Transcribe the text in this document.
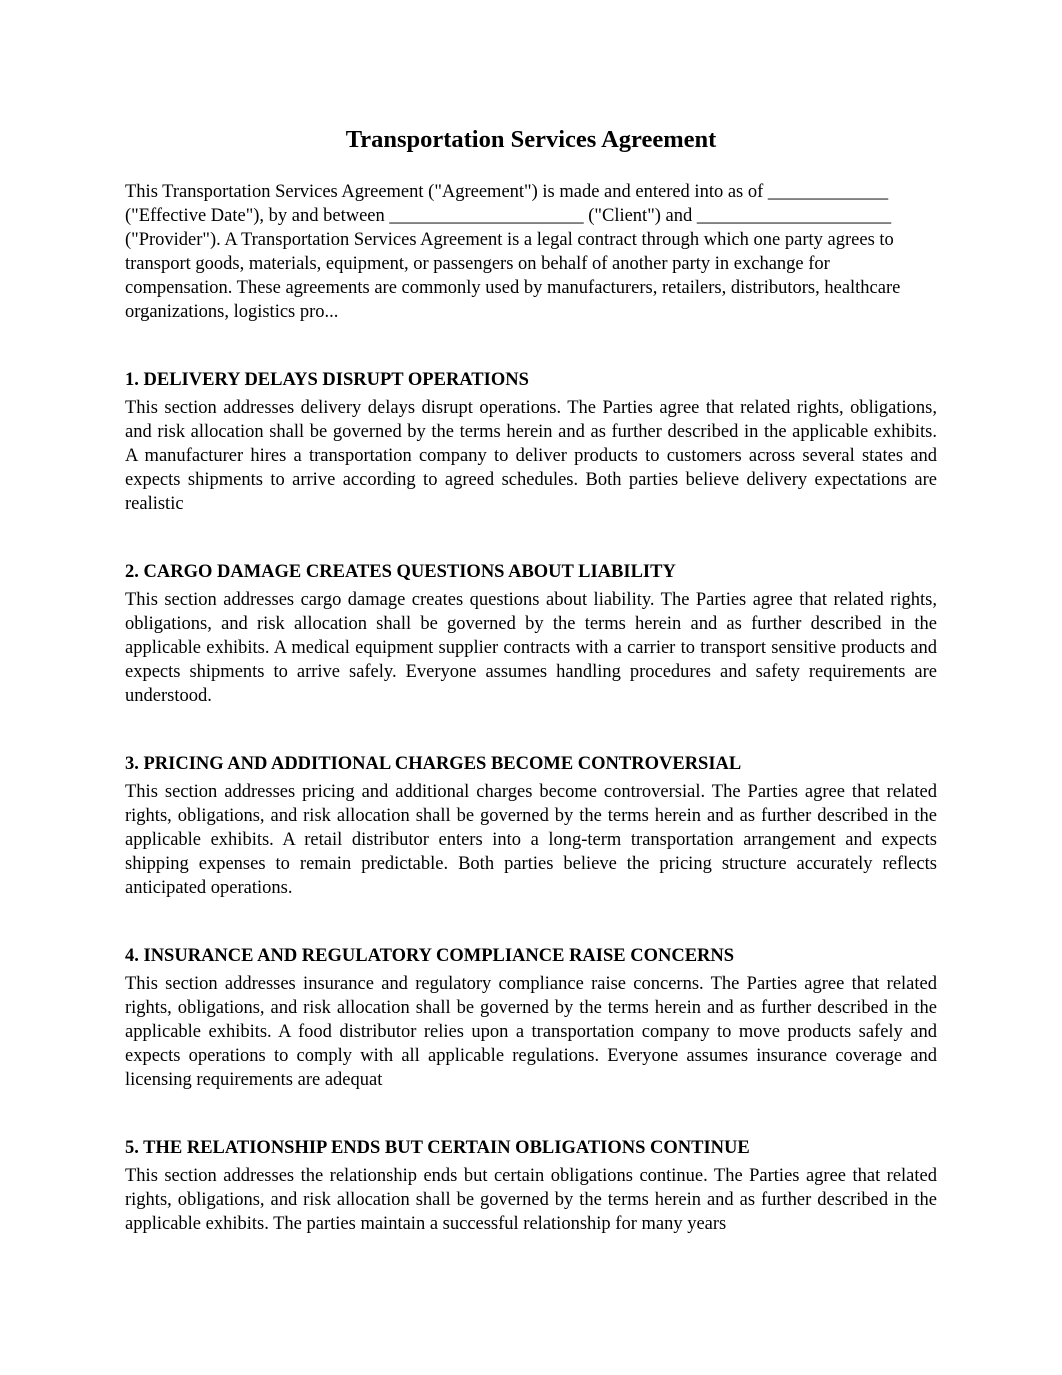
Transportation Services Agreement

This Transportation Services Agreement ("Agreement") is made and entered into as of _____________ ("Effective Date"), by and between _____________________ ("Client") and _____________________ ("Provider"). A Transportation Services Agreement is a legal contract through which one party agrees to transport goods, materials, equipment, or passengers on behalf of another party in exchange for compensation. These agreements are commonly used by manufacturers, retailers, distributors, healthcare organizations, logistics pro...

1. DELIVERY DELAYS DISRUPT OPERATIONS

This section addresses delivery delays disrupt operations. The Parties agree that related rights, obligations, and risk allocation shall be governed by the terms herein and as further described in the applicable exhibits. A manufacturer hires a transportation company to deliver products to customers across several states and expects shipments to arrive according to agreed schedules. Both parties believe delivery expectations are realistic

2. CARGO DAMAGE CREATES QUESTIONS ABOUT LIABILITY

This section addresses cargo damage creates questions about liability. The Parties agree that related rights, obligations, and risk allocation shall be governed by the terms herein and as further described in the applicable exhibits. A medical equipment supplier contracts with a carrier to transport sensitive products and expects shipments to arrive safely. Everyone assumes handling procedures and safety requirements are understood.

3. PRICING AND ADDITIONAL CHARGES BECOME CONTROVERSIAL

This section addresses pricing and additional charges become controversial. The Parties agree that related rights, obligations, and risk allocation shall be governed by the terms herein and as further described in the applicable exhibits. A retail distributor enters into a long-term transportation arrangement and expects shipping expenses to remain predictable. Both parties believe the pricing structure accurately reflects anticipated operations.

4. INSURANCE AND REGULATORY COMPLIANCE RAISE CONCERNS

This section addresses insurance and regulatory compliance raise concerns. The Parties agree that related rights, obligations, and risk allocation shall be governed by the terms herein and as further described in the applicable exhibits. A food distributor relies upon a transportation company to move products safely and expects operations to comply with all applicable regulations. Everyone assumes insurance coverage and licensing requirements are adequat

5. THE RELATIONSHIP ENDS BUT CERTAIN OBLIGATIONS CONTINUE

This section addresses the relationship ends but certain obligations continue. The Parties agree that related rights, obligations, and risk allocation shall be governed by the terms herein and as further described in the applicable exhibits. The parties maintain a successful relationship for many years
